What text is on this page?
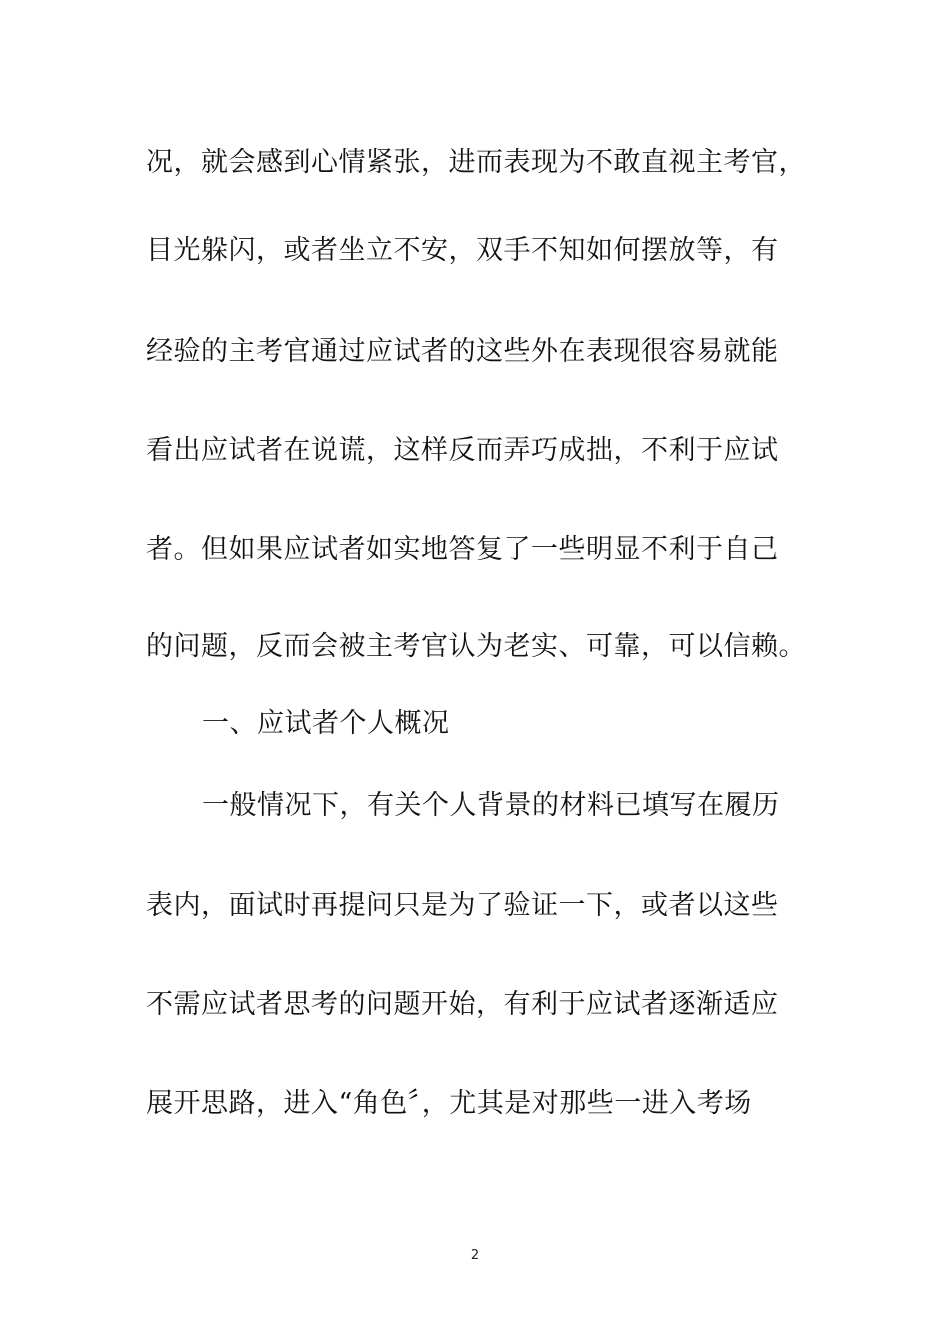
况，就会感到心情紧张，进而表现为不敢直视主考官，
目光躲闪，或者坐立不安，双手不知如何摆放等，有
经验的主考官通过应试者的这些外在表现很容易就能
看出应试者在说谎，这样反而弄巧成拙，不利于应试
者。但如果应试者如实地答复了一些明显不利于自己
的问题，反而会被主考官认为老实、可靠，可以信赖。
一、应试者个人概况
一般情况下，有关个人背景的材料已填写在履历
表内，面试时再提问只是为了验证一下，或者以这些
不需应试者思考的问题开始，有利于应试者逐渐适应
展开思路，进入“角色〞，尤其是对那些一进入考场
2
